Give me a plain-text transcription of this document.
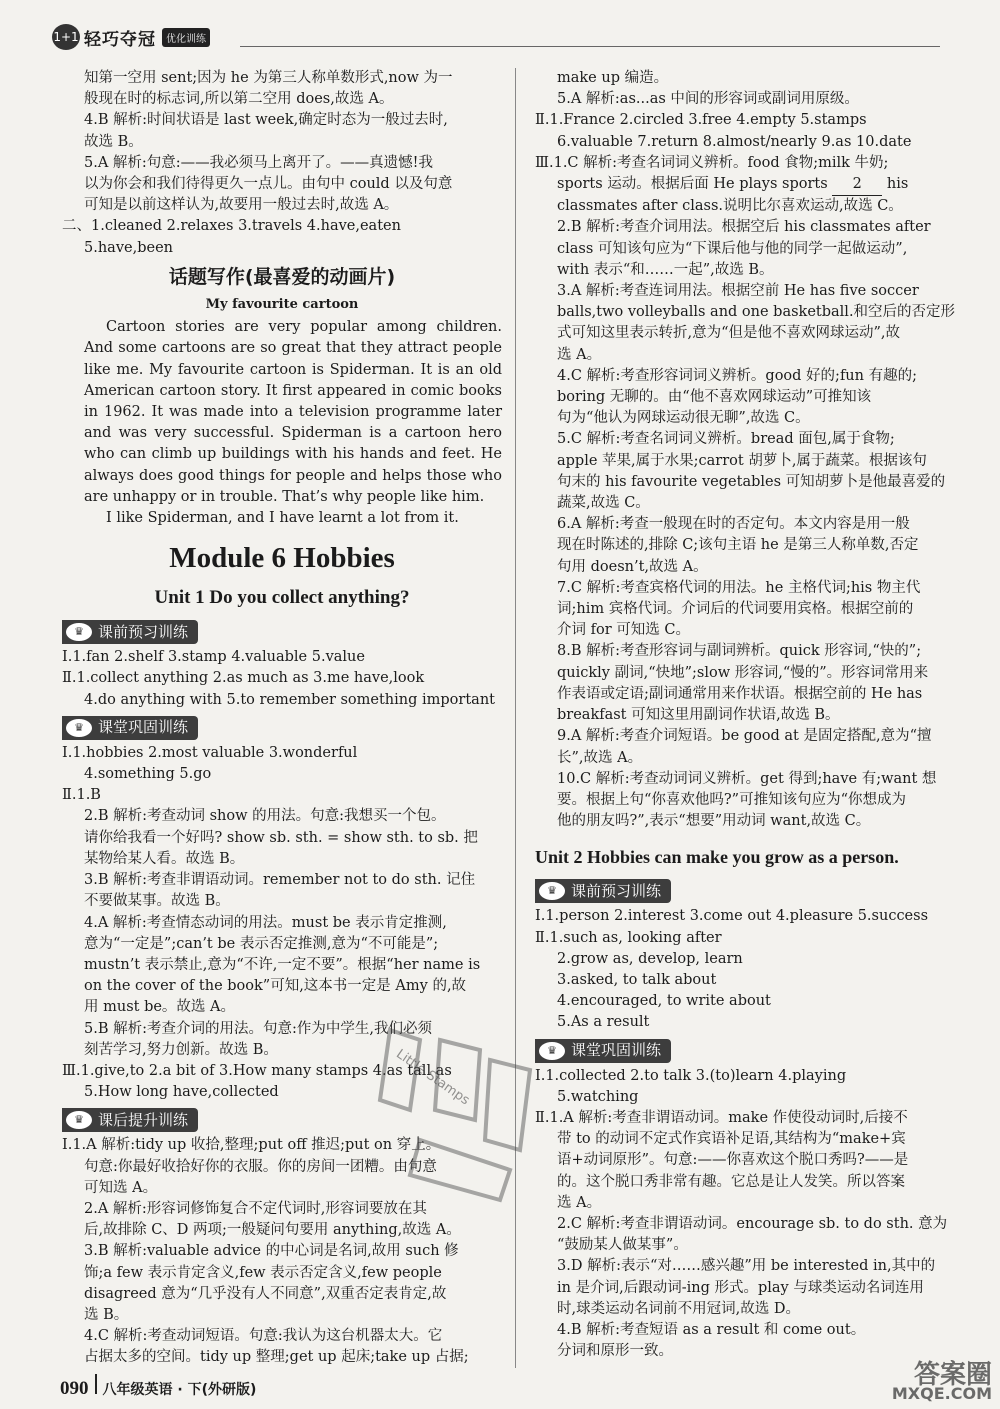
1+1 轻巧夺冠	优化训练

知第一空用 sent;因为 he 为第三人称单数形式,now 为一

般现在时的标志词,所以第二空用 does,故选 A。

4.B 解析:时间状语是 last week,确定时态为一般过去时,

故选 B。

5.A 解析:句意:——我必须马上离开了。——真遗憾!我

以为你会和我们待得更久一点儿。由句中 could 以及句意

可知是以前这样认为,故要用一般过去时,故选 A。

二、1.cleaned 2.relaxes 3.travels 4.have,eaten

5.have,been

话题写作(最喜爱的动画片)
My favourite cartoon

Cartoon stories are very popular among children. And some cartoons are so great that they attract people like me. My favourite cartoon is Spiderman. It is an old American cartoon story. It first appeared in comic books in 1962. It was made into a television programme later and was very successful. Spiderman is a cartoon hero who can climb up buildings with his hands and feet. He always does good things for people and helps those who are unhappy or in trouble. That’s why people like him.

I like Spiderman, and I have learnt a lot from it.

Module 6 Hobbies
Unit 1 Do you collect anything?
♛ 课前预习训练

Ⅰ.1.fan 2.shelf 3.stamp 4.valuable 5.value

Ⅱ.1.collect anything 2.as much as 3.me have,look

4.do anything with 5.to remember something important

♛ 课堂巩固训练

Ⅰ.1.hobbies 2.most valuable 3.wonderful

4.something 5.go

Ⅱ.1.B

2.B 解析:考查动词 show 的用法。句意:我想买一个包。

请你给我看一个好吗? show sb. sth. = show sth. to sb. 把

某物给某人看。故选 B。

3.B 解析:考查非谓语动词。remember not to do sth. 记住

不要做某事。故选 B。

4.A 解析:考查情态动词的用法。must be 表示肯定推测,

意为“一定是”;can’t be 表示否定推测,意为“不可能是”;

mustn’t 表示禁止,意为“不许,一定不要”。根据“her name is

on the cover of the book”可知,这本书一定是 Amy 的,故

用 must be。故选 A。

5.B 解析:考查介词的用法。句意:作为中学生,我们必须

刻苦学习,努力创新。故选 B。

Ⅲ.1.give,to 2.a bit of 3.How many stamps 4.as tall as

5.How long have,collected

♛ 课后提升训练

Ⅰ.1.A 解析:tidy up 收拾,整理;put off 推迟;put on 穿上。

句意:你最好收拾好你的衣服。你的房间一团糟。由句意

可知选 A。

2.A 解析:形容词修饰复合不定代词时,形容词要放在其

后,故排除 C、D 两项;一般疑问句要用 anything,故选 A。

3.B 解析:valuable advice 的中心词是名词,故用 such 修

饰;a few 表示肯定含义,few 表示否定含义,few people

disagreed 意为“几乎没有人不同意”,双重否定表肯定,故

选 B。

4.C 解析:考查动词短语。句意:我认为这台机器太大。它

占据太多的空间。tidy up 整理;get up 起床;take up 占据;

make up 编造。

5.A 解析:as...as 中间的形容词或副词用原级。

Ⅱ.1.France 2.circled 3.free 4.empty 5.stamps

6.valuable 7.return 8.almost/nearly 9.as 10.date

Ⅲ.1.C 解析:考查名词词义辨析。food 食物;milk 牛奶;

sports 运动。根据后面 He plays sports 2 his

classmates after class.说明比尔喜欢运动,故选 C。

2.B 解析:考查介词用法。根据空后 his classmates after

class 可知该句应为“下课后他与他的同学一起做运动”,

with 表示“和……一起”,故选 B。

3.A 解析:考查连词用法。根据空前 He has five soccer

balls,two volleyballs and one basketball.和空后的否定形

式可知这里表示转折,意为“但是他不喜欢网球运动”,故

选 A。

4.C 解析:考查形容词词义辨析。good 好的;fun 有趣的;

boring 无聊的。由“他不喜欢网球运动”可推知该

句为“他认为网球运动很无聊”,故选 C。

5.C 解析:考查名词词义辨析。bread 面包,属于食物;

apple 苹果,属于水果;carrot 胡萝卜,属于蔬菜。根据该句

句末的 his favourite vegetables 可知胡萝卜是他最喜爱的

蔬菜,故选 C。

6.A 解析:考查一般现在时的否定句。本文内容是用一般

现在时陈述的,排除 C;该句主语 he 是第三人称单数,否定

句用 doesn’t,故选 A。

7.C 解析:考查宾格代词的用法。he 主格代词;his 物主代

词;him 宾格代词。介词后的代词要用宾格。根据空前的

介词 for 可知选 C。

8.B 解析:考查形容词与副词辨析。quick 形容词,“快的”;

quickly 副词,“快地”;slow 形容词,“慢的”。形容词常用来

作表语或定语;副词通常用来作状语。根据空前的 He has

breakfast 可知这里用副词作状语,故选 B。

9.A 解析:考查介词短语。be good at 是固定搭配,意为“擅

长”,故选 A。

10.C 解析:考查动词词义辨析。get 得到;have 有;want 想

要。根据上句“你喜欢他吗?”可推知该句应为“你想成为

他的朋友吗?”,表示“想要”用动词 want,故选 C。

Unit 2 Hobbies can make you grow as a person.
♛ 课前预习训练

Ⅰ.1.person 2.interest 3.come out 4.pleasure 5.success

Ⅱ.1.such as, looking after

2.grow as, develop, learn

3.asked, to talk about

4.encouraged, to write about

5.As a result

♛ 课堂巩固训练

Ⅰ.1.collected 2.to talk 3.(to)learn 4.playing

5.watching

Ⅱ.1.A 解析:考查非谓语动词。make 作使役动词时,后接不

带 to 的动词不定式作宾语补足语,其结构为“make+宾

语+动词原形”。句意:——你喜欢这个脱口秀吗?——是

的。这个脱口秀非常有趣。它总是让人发笑。所以答案

选 A。

2.C 解析:考查非谓语动词。encourage sb. to do sth. 意为

“鼓励某人做某事”。

3.D 解析:表示“对……感兴趣”用 be interested in,其中的

in 是介词,后跟动词-ing 形式。play 与球类运动名词连用

时,球类运动名词前不用冠词,故选 D。

4.B 解析:考查短语 as a result 和 come out。

分词和原形一致。

Little Stamps
答案圈
MXQE.COM
090 八年级英语 · 下(外研版)
